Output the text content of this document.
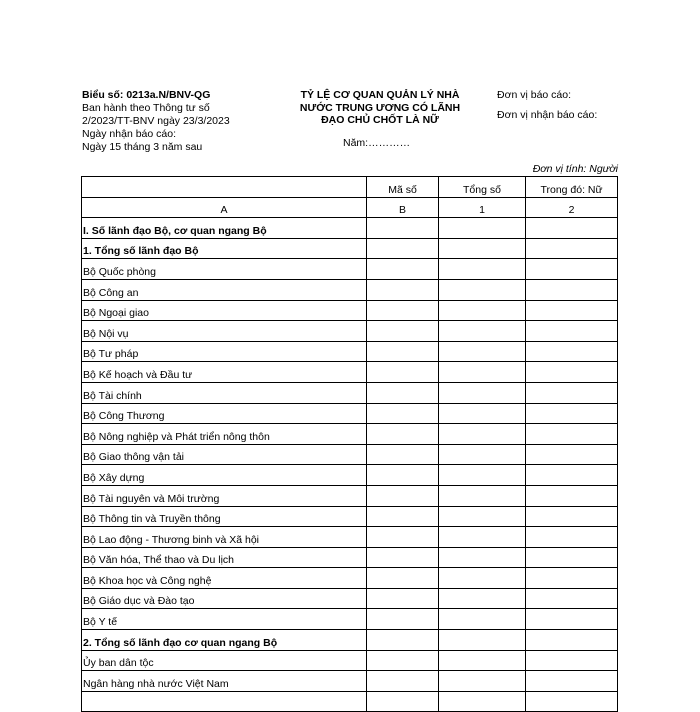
Biểu số: 0213a.N/BNV-QG
Ban hành theo Thông tư số
2/2023/TT-BNV ngày 23/3/2023
Ngày nhận báo cáo:
Ngày 15 tháng 3 năm sau
TỶ LỆ CƠ QUAN QUẢN LÝ NHÀ
NƯỚC TRUNG ƯƠNG CÓ LÃNH
ĐẠO CHỦ CHỐT LÀ NỮ
Năm:…………
Đơn vị báo cáo:
Đơn vị nhận báo cáo:
Đơn vị tính: Người
	Mã số	Tổng số	Trong đó: Nữ
A	B	1	2
I. Số lãnh đạo Bộ, cơ quan ngang Bộ			
1. Tổng số lãnh đạo Bộ			
Bộ Quốc phòng			
Bộ Công an			
Bộ Ngoại giao			
Bộ Nội vụ			
Bộ Tư pháp			
Bộ Kế hoạch và Đầu tư			
Bộ Tài chính			
Bộ Công Thương			
Bộ Nông nghiệp và Phát triển nông thôn			
Bộ Giao thông vận tải			
Bộ Xây dựng			
Bộ Tài nguyên và Môi trường			
Bộ Thông tin và Truyền thông			
Bộ Lao động - Thương binh và Xã hội			
Bộ Văn hóa, Thể thao và Du lịch			
Bộ Khoa học và Công nghệ			
Bộ Giáo dục và Đào tạo			
Bộ Y tế			
2. Tổng số lãnh đạo cơ quan ngang Bộ			
Ủy ban dân tộc			
Ngân hàng nhà nước Việt Nam			
